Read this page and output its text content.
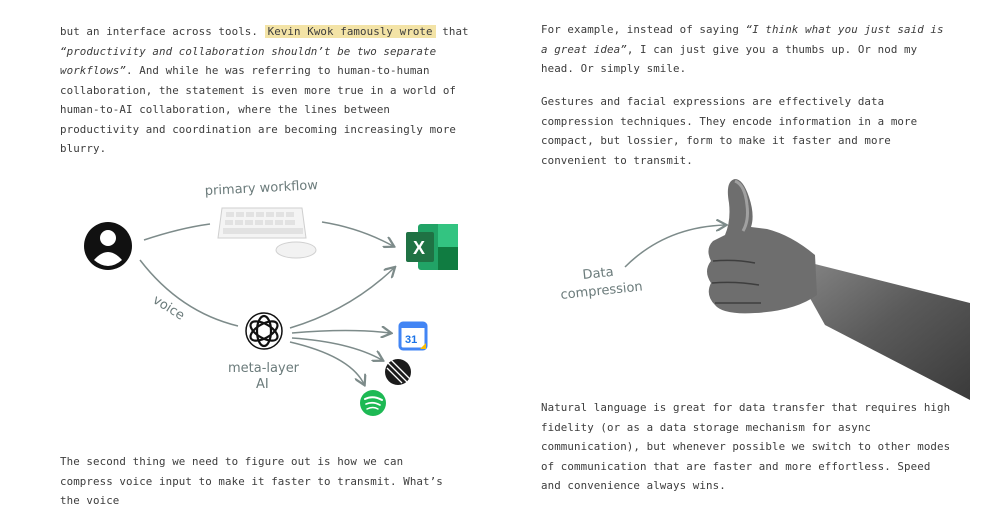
but an interface across tools. Kevin Kwok famously wrote that “productivity and collaboration shouldn’t be two separate workflows”. And while he was referring to human-to-human collaboration, the statement is even more true in a world of human-to-AI collaboration, where the lines between productivity and coordination are becoming increasingly more blurry.

primary workflow
voice
meta-layer
AI
X
31

The second thing we need to figure out is how we can compress voice input to make it faster to transmit. What’s the voice

For example, instead of saying “I think what you just said is a great idea”, I can just give you a thumbs up. Or nod my head. Or simply smile.

Gestures and facial expressions are effectively data compression techniques. They encode information in a more compact, but lossier, form to make it faster and more convenient to transmit.

Data
compression

Natural language is great for data transfer that requires high fidelity (or as a data storage mechanism for async communication), but whenever possible we switch to other modes of communication that are faster and more effortless. Speed and convenience always wins.
